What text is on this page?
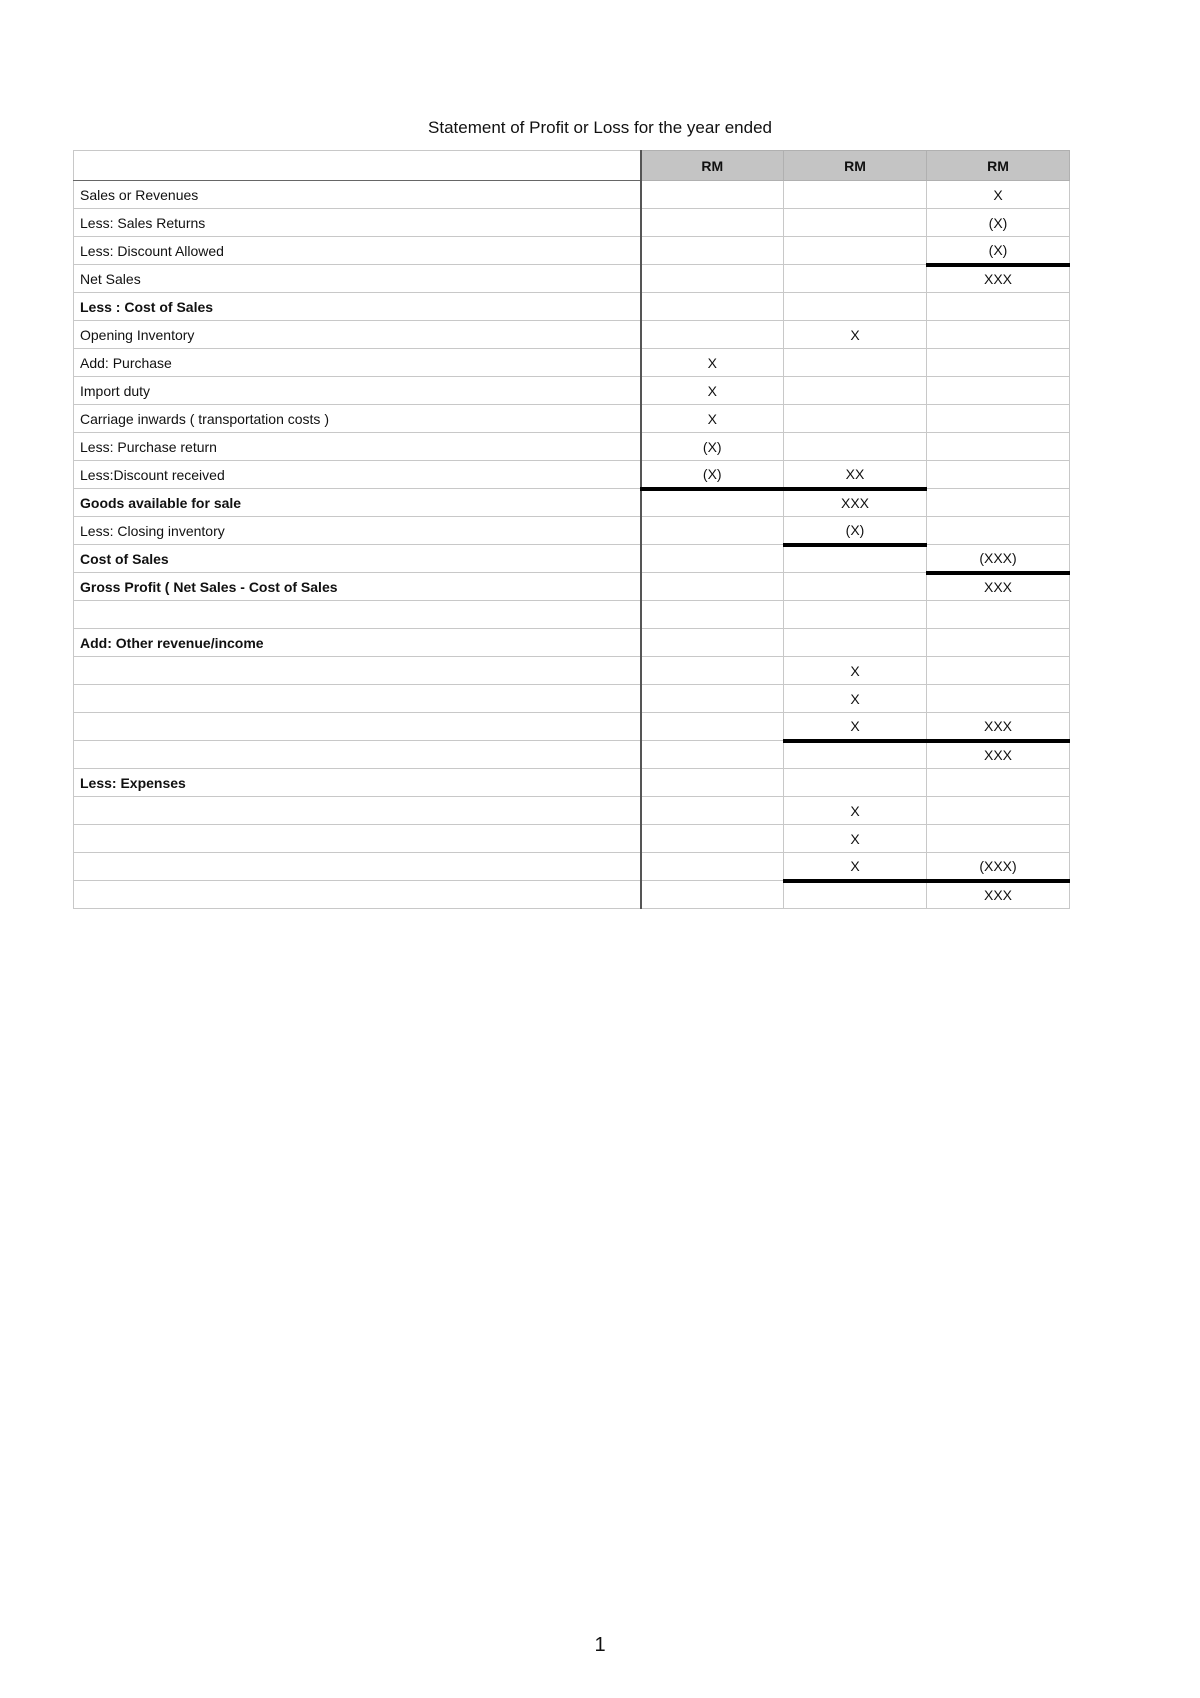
Statement of Profit or Loss for the year ended
	RM	RM	RM
Sales or Revenues			X
Less: Sales Returns			(X)
Less: Discount Allowed			(X)
Net Sales			XXX
Less : Cost of Sales			
Opening Inventory		X	
Add: Purchase	X		
Import duty	X		
Carriage inwards ( transportation costs )	X		
Less: Purchase return	(X)		
Less:Discount received	(X)	XX	
Goods available for sale		XXX	
Less: Closing inventory		(X)	
Cost of Sales			(XXX)
Gross Profit ( Net Sales - Cost of Sales			XXX

Add: Other revenue/income			
		X	
		X	
		X	XXX
			XXX
Less: Expenses			
		X	
		X	
		X	(XXX)
			XXX
1
